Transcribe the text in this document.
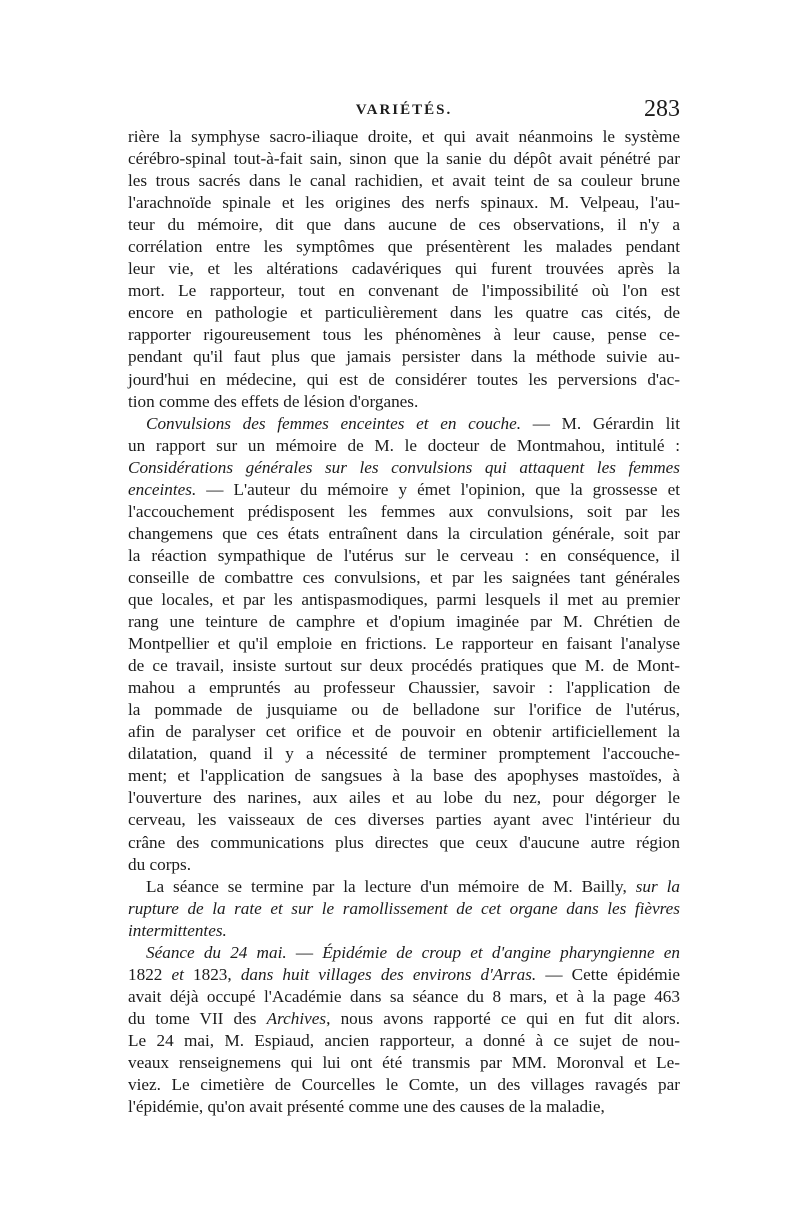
VARIÉTÉS.	283
rière la symphyse sacro-iliaque droite, et qui avait néanmoins le système
cérébro-spinal tout-à-fait sain, sinon que la sanie du dépôt avait pénétré par
les trous sacrés dans le canal rachidien, et avait teint de sa couleur brune
l'arachnoïde spinale et les origines des nerfs spinaux. M. Velpeau, l'au-
teur du mémoire, dit que dans aucune de ces observations, il n'y a
corrélation entre les symptômes que présentèrent les malades pendant
leur vie, et les altérations cadavériques qui furent trouvées après la
mort. Le rapporteur, tout en convenant de l'impossibilité où l'on est
encore en pathologie et particulièrement dans les quatre cas cités, de
rapporter rigoureusement tous les phénomènes à leur cause, pense ce-
pendant qu'il faut plus que jamais persister dans la méthode suivie au-
jourd'hui en médecine, qui est de considérer toutes les perversions d'ac-
tion comme des effets de lésion d'organes.
Convulsions des femmes enceintes et en couche. — M. Gérardin lit
un rapport sur un mémoire de M. le docteur de Montmahou, intitulé :
Considérations générales sur les convulsions qui attaquent les femmes
enceintes. — L'auteur du mémoire y émet l'opinion, que la grossesse et
l'accouchement prédisposent les femmes aux convulsions, soit par les
changemens que ces états entraînent dans la circulation générale, soit par
la réaction sympathique de l'utérus sur le cerveau : en conséquence, il
conseille de combattre ces convulsions, et par les saignées tant générales
que locales, et par les antispasmodiques, parmi lesquels il met au premier
rang une teinture de camphre et d'opium imaginée par M. Chrétien de
Montpellier et qu'il emploie en frictions. Le rapporteur en faisant l'analyse
de ce travail, insiste surtout sur deux procédés pratiques que M. de Mont-
mahou a empruntés au professeur Chaussier, savoir : l'application de
la pommade de jusquiame ou de belladone sur l'orifice de l'utérus,
afin de paralyser cet orifice et de pouvoir en obtenir artificiellement la
dilatation, quand il y a nécessité de terminer promptement l'accouche-
ment; et l'application de sangsues à la base des apophyses mastoïdes, à
l'ouverture des narines, aux ailes et au lobe du nez, pour dégorger le
cerveau, les vaisseaux de ces diverses parties ayant avec l'intérieur du
crâne des communications plus directes que ceux d'aucune autre région
du corps.
La séance se termine par la lecture d'un mémoire de M. Bailly, sur la
rupture de la rate et sur le ramollissement de cet organe dans les fièvres
intermittentes.
Séance du 24 mai. — Épidémie de croup et d'angine pharyngienne en
1822 et 1823, dans huit villages des environs d'Arras. — Cette épidémie
avait déjà occupé l'Académie dans sa séance du 8 mars, et à la page 463
du tome VII des Archives, nous avons rapporté ce qui en fut dit alors.
Le 24 mai, M. Espiaud, ancien rapporteur, a donné à ce sujet de nou-
veaux renseignemens qui lui ont été transmis par MM. Moronval et Le-
viez. Le cimetière de Courcelles le Comte, un des villages ravagés par
l'épidémie, qu'on avait présenté comme une des causes de la maladie,
